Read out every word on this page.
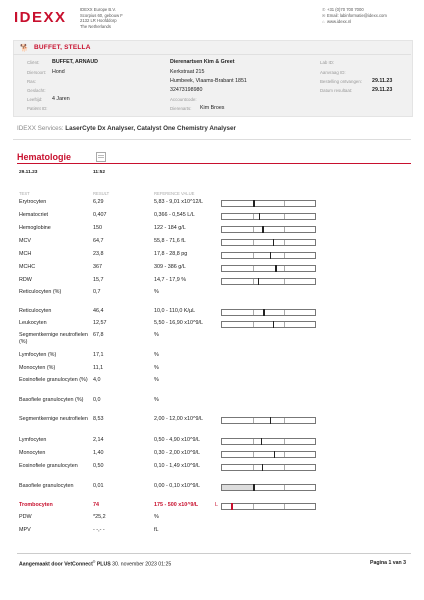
IDEXX	IDEXX Europe B.V.
Scorpius 60, gebouw F
2132 LR Hoofddorp
The Netherlands
✆+31 (0)70 700 7000
✉Email: labinformatie@idexx.com
⌂ www.idexx.nl
🐕 BUFFET, STELLA
Cliënt: BUFFET, ARNAUD
Diersoort: Hond
Ras:
Geslacht:
Leeftijd: 4 Jaren
Patiënt ID:
Dierenartsen Kim & Greet
Kerkstraat 215
Humbeek, Vlaams-Brabant 1851
32473198980
Accountcode:
Dierenarts: Kim Broes
Lab ID:
Aanvraag ID:
Bestelling ontvangen: 29.11.23
Datum resultaat:	29.11.23
IDEXX Services: LaserCyte Dx Analyser, Catalyst One Chemistry Analyser
Hematologie
29.11.23	11:52
TEST	RESULT	REFERENCE VALUE
Erytrocyten	6,29	5,83 - 9,01 x10^12/L
Hematocriet	0,407	0,366 - 0,545 L/L
Hemoglobine	150	122 - 184 g/L
MCV	64,7	55,8 - 71,6 fL
MCH	23,8	17,8 - 28,8 pg
MCHC	367	309 - 386 g/L
RDW	15,7	14,7 - 17,9 %
Reticulocyten (%)	0,7	%
Reticulocyten	46,4	10,0 - 110,0 K/µL
Leukocyten	12,57	5,50 - 16,90 x10^9/L
Segmentkernige neutrofielen (%)
67,8	%
Lymfocyten (%)	17,1	%
Monocyten (%)	11,1	%
Eosinofiele granulocyten (%) 4,0	%
Basofiele granulocyten (%)	0,0	%
Segmentkernige neutrofielen 8,53	2,00 - 12,00 x10^9/L
Lymfocyten	2,14	0,50 - 4,90 x10^9/L
Monocyten	1,40	0,30 - 2,00 x10^9/L
Eosinofiele granulocyten	0,50	0,10 - 1,49 x10^9/L
Basofiele granulocyten	0,01	0,00 - 0,10 x10^9/L
Trombocyten	74	175 - 500 x10^9/L	L
PDW	*25,2	%
MPV	- -,- -	fL
Aangemaakt door VetConnect® PLUS 30. november 2023 01:25	Pagina 1 van 3
